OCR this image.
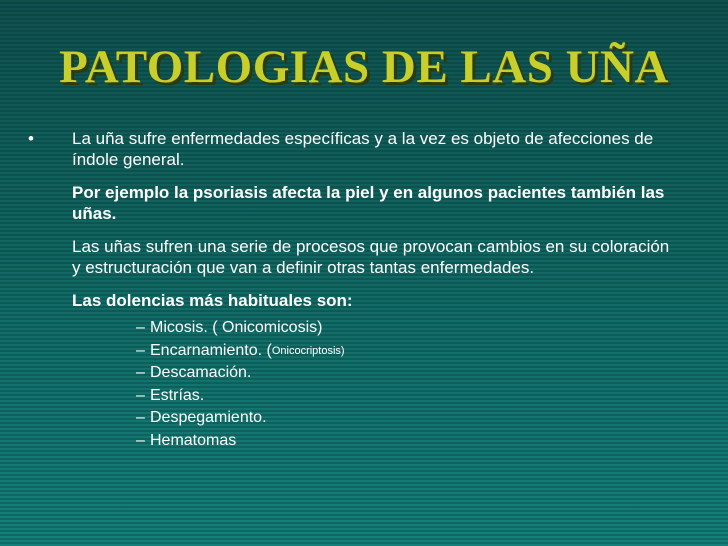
PATOLOGIAS DE LAS UÑA
•	La uña sufre enfermedades específicas y a la vez es objeto de afecciones de índole general.

Por ejemplo la psoriasis afecta la piel y en algunos pacientes también las uñas.

Las uñas sufren una serie de procesos que provocan cambios en su coloración y estructuración que van a definir otras tantas enfermedades.

Las dolencias más habituales son:

– Micosis. ( Onicomicosis)
– Encarnamiento. ( Onicocriptosis)
– Descamación.
– Estrías.
– Despegamiento.
– Hematomas
